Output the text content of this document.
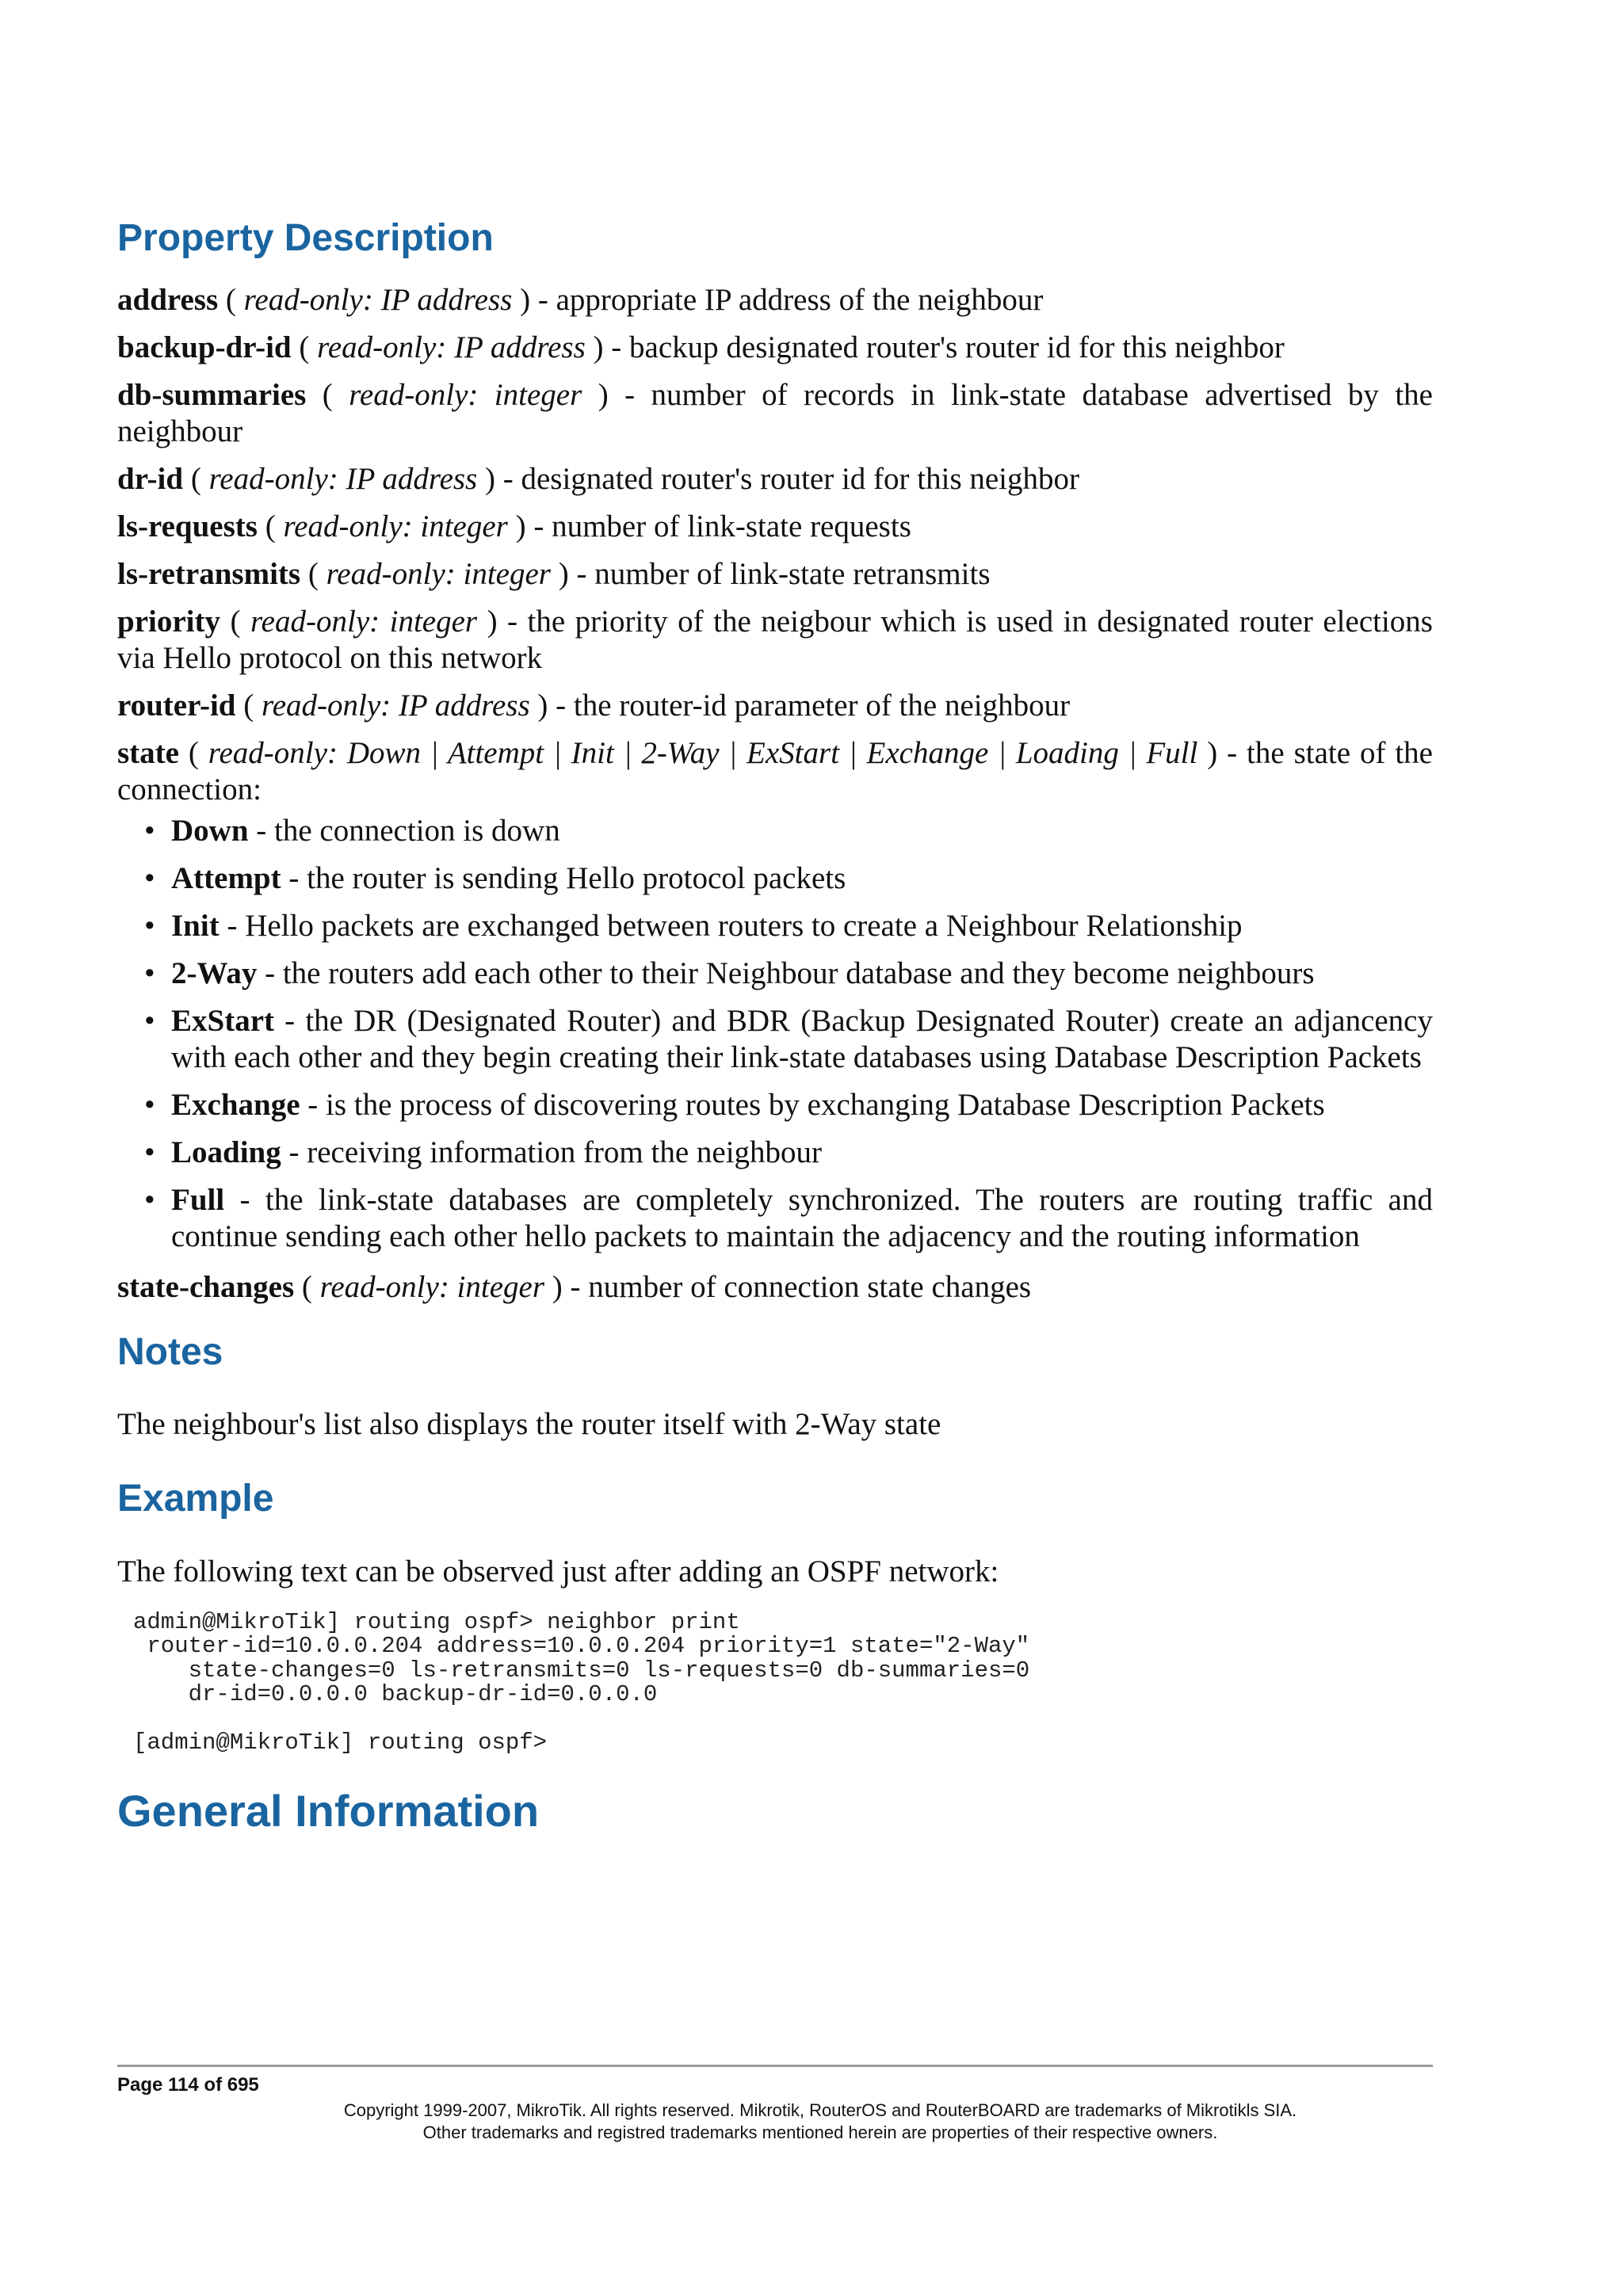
Property Description

address ( read-only: IP address ) - appropriate IP address of the neighbour

backup-dr-id ( read-only: IP address ) - backup designated router's router id for this neighbor

db-summaries ( read-only: integer ) - number of records in link-state database advertised by the neighbour

dr-id ( read-only: IP address ) - designated router's router id for this neighbor

ls-requests ( read-only: integer ) - number of link-state requests

ls-retransmits ( read-only: integer ) - number of link-state retransmits

priority ( read-only: integer ) - the priority of the neigbour which is used in designated router elections via Hello protocol on this network

router-id ( read-only: IP address ) - the router-id parameter of the neighbour

state ( read-only: Down | Attempt | Init | 2-Way | ExStart | Exchange | Loading | Full ) - the state of the connection:

• Down - the connection is down
• Attempt - the router is sending Hello protocol packets
• Init - Hello packets are exchanged between routers to create a Neighbour Relationship
• 2-Way - the routers add each other to their Neighbour database and they become neighbours
• ExStart - the DR (Designated Router) and BDR (Backup Designated Router) create an adjancency with each other and they begin creating their link-state databases using Database Description Packets
• Exchange - is the process of discovering routes by exchanging Database Description Packets
• Loading - receiving information from the neighbour
• Full - the link-state databases are completely synchronized. The routers are routing traffic and continue sending each other hello packets to maintain the adjacency and the routing information

state-changes ( read-only: integer ) - number of connection state changes

Notes

The neighbour's list also displays the router itself with 2-Way state

Example

The following text can be observed just after adding an OSPF network:

admin@MikroTik] routing ospf> neighbor print
router-id=10.0.0.204 address=10.0.0.204 priority=1 state="2-Way"
state-changes=0 ls-retransmits=0 ls-requests=0 db-summaries=0
dr-id=0.0.0.0 backup-dr-id=0.0.0.0

[admin@MikroTik] routing ospf>
General Information
Page 114 of 695
Copyright 1999-2007, MikroTik. All rights reserved. Mikrotik, RouterOS and RouterBOARD are trademarks of Mikrotikls SIA.
Other trademarks and registred trademarks mentioned herein are properties of their respective owners.
